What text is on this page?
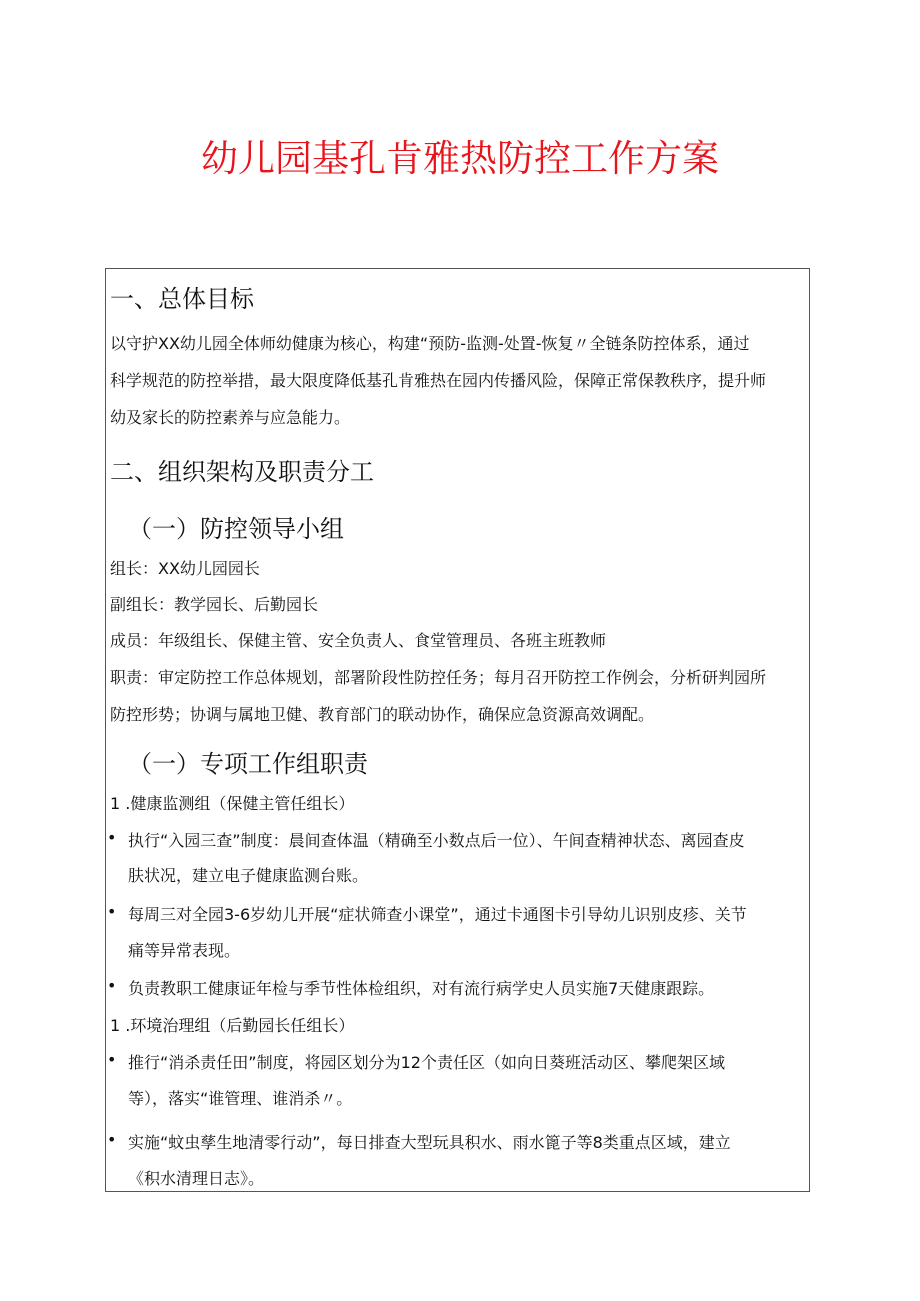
幼儿园基孔肯雅热防控工作方案
一、总体目标
以守护XX幼儿园全体师幼健康为核心，构建“预防-监测-处置-恢复〃全链条防控体系，通过
科学规范的防控举措，最大限度降低基孔肯雅热在园内传播风险，保障正常保教秩序，提升师
幼及家长的防控素养与应急能力。
二、组织架构及职责分工
（一）防控领导小组
组长：XX幼儿园园长
副组长：教学园长、后勤园长
成员：年级组长、保健主管、安全负责人、食堂管理员、各班主班教师
职责：审定防控工作总体规划，部署阶段性防控任务；每月召开防控工作例会，分析研判园所
防控形势；协调与属地卫健、教育部门的联动协作，确保应急资源高效调配。
（一）专项工作组职责
1 .健康监测组（保健主管任组长）
• 执行“入园三查”制度：晨间查体温（精确至小数点后一位）、午间查精神状态、离园查皮
肤状况，建立电子健康监测台账。
• 每周三对全园3-6岁幼儿开展“症状筛查小课堂”，通过卡通图卡引导幼儿识别皮疹、关节
痛等异常表现。
• 负责教职工健康证年检与季节性体检组织，对有流行病学史人员实施7天健康跟踪。
1 .环境治理组（后勤园长任组长）
• 推行“消杀责任田”制度，将园区划分为12个责任区（如向日葵班活动区、攀爬架区域
等），落实“谁管理、谁消杀〃。
• 实施“蚊虫孳生地清零行动”，每日排查大型玩具积水、雨水篦子等8类重点区域，建立
《积水清理日志》。
